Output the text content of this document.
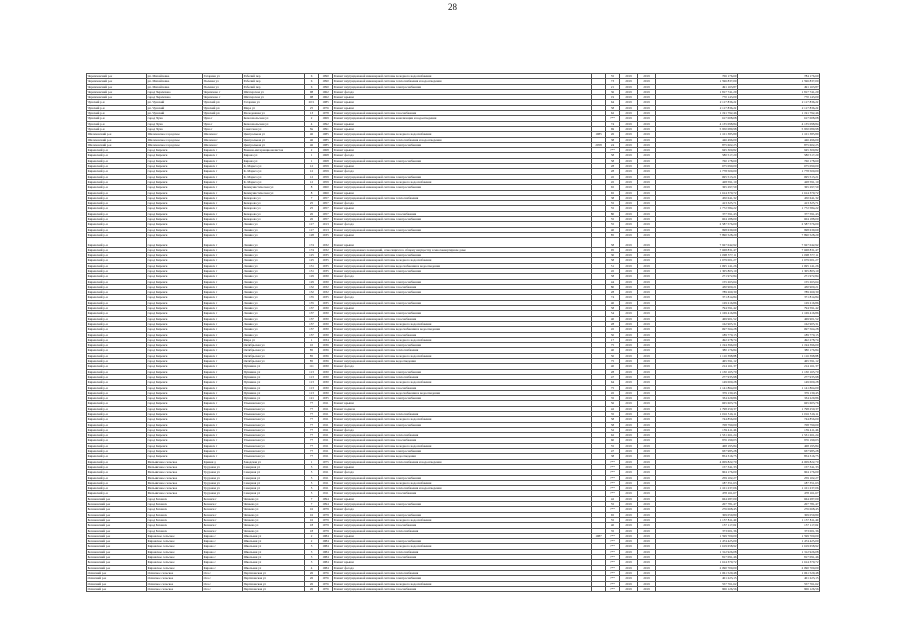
28
Черемховский р-н	рп. Михайловка	Гагарина ул	Рабочий пер	6	1990	Ремонт внутридомовой инженерной системы холодного водоснабжения		55	2019	2019	706 176,60	784 176,60
Черемховский р-н	рп. Михайловка	Полевая ул	Рабочий пер	6	1990	Ремонт внутридомовой инженерной системы теплоснабжения и водоотведения		73	2019	2019	1 596 837,00	1 596 837,00
Черемховский р-н	рп. Михайловка	Полевая ул	Рабочий пер	6	1990	Ремонт внутридомовой инженерной системы электроснабжения		21	2019	2019	491 163,87	491 163,87
Черемховский р-н	город Черемхово	Черемхово г	Шахтерская ул	98	1962	Ремонт фасада		36	2019	2019	1 817 741,29	1 817 741,29
Черемховский р-н	город Черемхово	Черемхово г	Шахтерская ул	98	1962	Ремонт крыши		19	2019	2019	770 143,00	770 143,00
Чунский р-н	рп. Чунский	Чунский рп	Гагарина ул	20/1	1985	Ремонт крыши		64	2019	2019	2 117 836,22	2 117 836,22
Чунский р-н	рп. Чунский	Чунский рп	Мира ул	25	1976	Ремонт крыши		58	2019	2019	2 117 836,22	2 117 836,22
Чунский р-н	рп. Чунский	Чунский рп	Молодежная ул	13	1978	Ремонт внутридомовой инженерной системы газоснабжения		62	2019	2019	1 191 792,46	1 191 792,46
Чунский р-н	город Чуна	Чуна г	Комсомольская ул	2	1969	Ремонт внутридомовой инженерной системы канализации и водоотведения		7**	2019	2019	617 008,08	617 008,08
Чунский р-н	город Чуна	Чуна г	Комсомольская ул	4	1992	Ремонт крыши		74	2019	2019	4 135 098,84	4 135 098,84
Чунский р-н	город Чуна	Чуна г	Советская ул	8а	1991	Ремонт крыши		69	2019	2019	5 950 089,98	5 950 089,98
Шелеховский р-н	Шелеховское городское	Шелехов г	Центральная ул	46	1985	Ремонт внутридомовой инженерной системы холодного водоснабжения	1985	26	2019	2019	1 101 385,89	1 101 385,89
Шелеховский р-н	Шелеховское городское	Шелехов г	Центральная ул	46	1985	Ремонт внутридомовой инженерной системы теплоснабжения и водоотведения		38	2019	2019	446 496,00	446 496,00
Шелеховский р-н	Шелеховское городское	Шелехов г	Центральная ул	46	1985	Ремонт внутридомовой инженерной системы электроснабжения	2058	24	2019	2019	875 602,25	875 602,25
Киренский р-н	город Киренск	Киренск г	Воинов-интернационалистов	2	1968	Ремонт крыши		7**	2019	2019	945 300,82	945 300,82
Киренский р-н	город Киренск	Киренск г	Кирова ул	1	1968	Ремонт фасада		58	2019	2019	580 517,20	580 517,20
Киренский р-н	город Киренск	Киренск г	Кирова ул	1	1968	Ремонт внутридомовой инженерной системы электроснабжения		58	2019	2019	760 178,60	760 178,60
Киренский р-н	город Киренск	Киренск г	К. Маркса ул	12	1959	Ремонт крыши		28	2019	2019	675 090,00	675 090,00
Киренский р-н	город Киренск	Киренск г	К. Маркса ул	12	1959	Ремонт фасада		28	2019	2019	1 778 500,00	1 778 500,00
Киренский р-н	город Киренск	Киренск г	К. Маркса ул	12	1959	Ремонт внутридомовой инженерной системы электроснабжения		45	2019	2019	695 513,21	695 513,21
Киренский р-н	город Киренск	Киренск г	К. Маркса ул	12	1959	Ремонт внутридомовой инженерной системы холодного водоснабжения		45	2019	2019	428 591,10	428 591,10
Киренский р-н	город Киренск	Киренск г	Коммунистическая ул	8	1960	Ремонт внутридомовой инженерной системы электроснабжения		65	2019	2019	365 297,59	365 297,59
Киренский р-н	город Киренск	Киренск г	Коммунистическая ул	8	1960	Ремонт крыши		65	2019	2019	1 614 370,72	1 614 370,72
Киренский р-н	город Киренск	Киренск г	Комарова ул	7	1957	Ремонт внутридомовой инженерной системы теплоснабжения		38	2019	2019	450 641,32	450 641,32
Киренский р-н	город Киренск	Киренск г	Комарова ул	25	1957	Ремонт фасада		55	2019	2019	413 325,71	413 325,71
Киренский р-н	город Киренск	Киренск г	Комарова ул	25	1957	Ремонт крыши		55	2019	2019	1 772 584,22	1 772 584,22
Киренский р-н	город Киренск	Киренск г	Комарова ул	26	1957	Ремонт внутридомовой инженерной системы газоснабжения		80	2019	2019	377 591,43	377 591,43
Киренский р-н	город Киренск	Киренск г	Комарова ул	26	1957	Ремонт внутридомовой инженерной системы электроснабжения		55	2019	2019	604 188,00	604 188,00
Киренский р-н	город Киренск	Киренск г	Ленина ул	117	1913	Ремонт фасада		55	2019	2019	2 587 576,00	2 587 576,00
Киренский р-н	город Киренск	Киренск г	Ленина ул	117	1913	Ремонт внутридомовой инженерной системы электроснабжения		40	2019	2019	998 639,69	998 639,69
Киренский р-н	город Киренск	Киренск г	Ленина ул	128	1935	Ремонт крыши		85	2019	2019	7 890 528,29	7 890 528,29
Киренский р-н	город Киренск	Киренск г	Ленина ул	174	1932	Ремонт крыши		58	2019	2019	7 927 042,92	7 927 042,92
Киренский р-н	город Киренск	Киренск г	Ленина ул	174	1932	Ремонт внутридомовых помещений, относящихся к общему имуществу в многоквартирном доме		95	2019	2019	7 668 831,47	7 668 831,47
Киренский р-н	город Киренск	Киренск г	Ленина ул	125	1935	Ремонт внутридомовой инженерной системы электроснабжения		30	2019	2019	1 098 377,11	1 098 377,11
Киренский р-н	город Киренск	Киренск г	Ленина ул	125	1935	Ремонт внутридомовой инженерной системы холодного водоснабжения		58	2019	2019	1 679 001,27	1 679 001,27
Киренский р-н	город Киренск	Киренск г	Ленина ул	131	1935	Ремонт внутридомовой инженерной системы водоснабжения и водоотведения		51	2019	2019	1 695 141,26	1 695 141,26
Киренский р-н	город Киренск	Киренск г	Ленина ул	131	1935	Ремонт внутридомовой инженерной системы электроснабжения		45	2019	2019	1 305 803,10	1 305 803,10
Киренский р-н	город Киренск	Киренск г	Ленина ул	129	1930	Ремонт фасада		58	2019	2019	271 972,84	271 972,84
Киренский р-н	город Киренск	Киренск г	Ленина ул	129	1930	Ремонт внутридомовой инженерной системы электроснабжения		44	2019	2019	155 263,64	155 263,64
Киренский р-н	город Киренск	Киренск г	Ленина ул	132	1932	Ремонт внутридомовой инженерной системы газоснабжения		80	2019	2019	430 900,21	430 900,21
Киренский р-н	город Киренск	Киренск г	Ленина ул	132	1932	Ремонт внутридомовой инженерной системы электроснабжения		28	2019	2019	789 260,30	789 260,30
Киренский р-н	город Киренск	Киренск г	Ленина ул	135	1935	Ремонт фасада		74	2019	2019	371 814,84	371 814,84
Киренский р-н	город Киренск	Киренск г	Ленина ул	135	1935	Ремонт внутридомовой инженерной системы электроснабжения		40	2019	2019	129 216,86	129 216,86
Киренский р-н	город Киренск	Киренск г	Ленина ул	137	1930	Ремонт крыши		58	2019	2019	794 591,42	794 591,42
Киренский р-н	город Киренск	Киренск г	Ленина ул	137	1930	Ремонт внутридомовой инженерной системы электроснабжения		54	2019	2019	1 169 416,86	1 169 416,86
Киренский р-н	город Киренск	Киренск г	Ленина ул	137	1930	Ремонт внутридомовой инженерной системы газоснабжения		40	2019	2019	469 901,52	469 901,52
Киренский р-н	город Киренск	Киренск г	Ленина ул	157	1930	Ремонт внутридомовой инженерной системы холодного водоснабжения		28	2019	2019	162 905,31	162 905,31
Киренский р-н	город Киренск	Киренск г	Ленина ул	157	1930	Ремонт внутридомовой инженерной системы водоснабжения и водоотведения		45	2019	2019	697 564,28	697 564,28
Киренский р-н	город Киренск	Киренск г	Ленина ул	157	1930	Ремонт внутридомовой инженерной системы газоснабжения		50	2019	2019	189 770,15	189 770,15
Киренский р-н	город Киренск	Киренск г	Мира ул	1	1934	Ремонт внутридомовой инженерной системы холодного водоснабжения		17	2019	2019	492 278,74	492 278,74
Киренский р-н	город Киренск	Киренск г	Октябрьская ул	10	1936	Ремонт внутридомовой инженерной системы электроснабжения		75	2019	2019	1 194 396,00	1 194 396,00
Киренский р-н	город Киренск	Киренск г	Октябрьская ул	85	1936	Ремонт внутридомовой инженерной системы теплоснабжения		40	2019	2019	380 176,84	380 176,84
Киренский р-н	город Киренск	Киренск г	Октябрьская ул	85	1936	Ремонт внутридомовой инженерной системы холодного водоснабжения		50	2019	2019	1 116 398,88	1 116 398,88
Киренский р-н	город Киренск	Киренск г	Октябрьская ул	85	1936	Ремонт внутридомовой инженерной системы водоотведения		75	2019	2019	465 591,12	465 591,12
Киренский р-н	город Киренск	Киренск г	Пушкина ул	111	1930	Ремонт фасада		40	2019	2019	214 161,37	214 161,37
Киренский р-н	город Киренск	Киренск г	Пушкина ул	113	1930	Ремонт внутридомовой инженерной системы электроснабжения		28	2019	2019	1 130 165,70	1 130 165,70
Киренский р-н	город Киренск	Киренск г	Пушкина ул	113	1930	Ремонт внутридомовой инженерной системы теплоснабжения		47	2019	2019	277 935,98	277 935,98
Киренский р-н	город Киренск	Киренск г	Пушкина ул	113	1930	Ремонт внутридомовой инженерной системы холодного водоснабжения		64	2019	2019	149 000,28	149 000,28
Киренский р-н	город Киренск	Киренск г	Пушкина ул	113	1930	Ремонт внутридомовой инженерной системы газоснабжения		75	2019	2019	1 141 864,00	1 141 864,00
Киренский р-н	город Киренск	Киренск г	Пушкина ул	113	1930	Ремонт внутридомовой инженерной системы водоснабжения и водоотведения		45	2019	2019	379 130,45	379 130,45
Киренский р-н	город Киренск	Киренск г	Пушкина ул	121	1935	Ремонт внутридомовой инженерной системы электроснабжения		35	2019	2019	334 229,86	334 229,86
Киренский р-н	город Киренск	Киренск г	Ульяновская ул	77	1911	Ремонт крыши		56	2019	2019	665 603,76	665 603,76
Киренский р-н	город Киренск	Киренск г	Ульяновская ул	77	1911	Ремонт подвала		42	2019	2019	1 798 250,37	1 798 250,37
Киренский р-н	город Киренск	Киренск г	Ульяновская ул	77	1911	Ремонт внутридомовой инженерной системы теплоснабжения		35	2019	2019	1 016 516,11	1 016 516,11
Киренский р-н	город Киренск	Киренск г	Ульяновская ул	77	1911	Ремонт внутридомовой инженерной системы холодного водоснабжения		58	2019	2019	744 856,00	744 856,00
Киренский р-н	город Киренск	Киренск г	Ульяновская ул	77	1911	Ремонт внутридомовой инженерной системы электроснабжения		58	2019	2019	708 790,00	708 790,00
Киренский р-н	город Киренск	Киренск г	Ульяновская ул	77	1911	Ремонт фасада		52	2019	2019	159 411,46	159 411,46
Киренский р-н	город Киренск	Киренск г	Ульяновская ул	77	1911	Ремонт внутридомовой инженерной системы теплоснабжения		62	2019	2019	1 531 261,24	1 531 261,24
Киренский р-н	город Киренск	Киренск г	Ульяновская ул	77	1911	Ремонт внутридомовой инженерной системы газоснабжения		60	2019	2019	976 199,03	976 199,03
Киренский р-н	город Киренск	Киренск г	Ульяновская ул	77	1911	Ремонт внутридомовой инженерной системы холодного водоснабжения		55	2019	2019	468 195,84	468 195,84
Киренский р-н	город Киренск	Киренск г	Ульяновская ул	77	1911	Ремонт внутридомовой инженерной системы электроснабжения		47	2019	2019	937 985,28	937 985,28
Киренский р-н	город Киренск	Киренск г	Ульяновская ул	77	1911	Ремонт внутридомовой инженерной системы водоотведения		38	2019	2019	854 316,75	854 316,75
Киренский р-н	Мельничное сельское	Кривая д	Заводская ул	1	1975	Ремонт внутридомовой инженерной системы теплоснабжения и водоотведения		7**	2019	2019	4 009 822,70	4 009 822,70
Киренский р-н	Мельничное сельское	Трудовая ул	Северная ул	5	1911	Ремонт крыши		7**	2019	2019	157 341,33	157 341,33
Киренский р-н	Мельничное сельское	Трудовая ул	Северная ул	5	1911	Ремонт фасада		7**	2019	2019	904 176,00	904 176,00
Киренский р-н	Мельничное сельское	Трудовая ул	Северная ул	5	1911	Ремонт внутридомовой инженерной системы электроснабжения		7**	2019	2019	259 102,27	259 102,27
Киренский р-н	Мельничное сельское	Трудовая ул	Северная ул	5	1911	Ремонт внутридомовой инженерной системы холодного водоснабжения		7**	2019	2019	187 351,63	187 351,63
Киренский р-н	Мельничное сельское	Трудовая ул	Северная ул	5	1911	Ремонт внутридомовой инженерной системы теплоснабжения и водоотведения		7**	2019	2019	1 101 237,06	1 101 237,06
Киренский р-н	Мельничное сельское	Трудовая ул	Северная ул	5	1911	Ремонт внутридомовой инженерной системы газоснабжения		7**	2019	2019	478 161,67	478 161,67
Бохановский р-н	город Боханск	Боханск г	Чапаева ул	7	1994	Ремонт крыши		42	2019	2019	664 287,00	664 287,00
Бохановский р-н	город Боханск	Боханск г	Чапаева ул	7	1994	Ремонт внутридомовой инженерной системы электроснабжения		55	2019	2019	207 781,47	207 781,47
Бохановский р-н	город Боханск	Боханск г	Чапаева ул	16	1979	Ремонт фасада		7**	2019	2019	276 068,45	276 068,45
Бохановский р-н	город Боханск	Боханск г	Чапаева ул	16	1979	Ремонт внутридомовой инженерной системы электроснабжения		65	2019	2019	309 059,80	309 059,80
Бохановский р-н	город Боханск	Боханск г	Чапаева ул	16	1979	Ремонт внутридомовой инженерной системы холодного водоснабжения		55	2019	2019	1 157 811,40	1 157 811,40
Бохановский р-н	город Боханск	Боханск г	Чапаева ул	18	1979	Ремонт внутридомовой инженерной системы газоснабжения		40	2019	2019	157 117,02	157 117,02
Бохановский р-н	город Боханск	Боханск г	Чапаева ул	18	1979	Ремонт внутридомовой инженерной системы теплоснабжения		35	2019	2019	373 001,36	373 001,36
Бохановский р-н	Кировское сельское	Кирово с	Школьная ул	2	1984	Ремонт крыши	1987	7**	2019	2019	1 599 700,00	1 599 700,00
Бохановский р-н	Кировское сельское	Кирово с	Школьная ул	2	1984	Ремонт внутридомовой инженерной системы электроснабжения		7**	2019	2019	1 474 425,00	1 474 425,00
Бохановский р-н	Кировское сельское	Кирово с	Школьная ул	3	1984	Ремонт внутридомовой инженерной системы холодного водоснабжения		7**	2019	2019	1 619 658,92	1 619 658,92
Бохановский р-н	Кировское сельское	Кирово с	Школьная ул	3	1984	Ремонт внутридомовой инженерной системы теплоснабжения		7**	2019	2019	1 312 926,08	1 312 926,08
Бохановский р-н	Кировское сельское	Кирово с	Школьная ул	3	1984	Ремонт внутридомовой инженерной системы газоснабжения		7**	2019	2019	817 091,46	817 091,46
Бохановский р-н	Кировское сельское	Кирово с	Школьная ул	3	1984	Ремонт крыши		7**	2019	2019	1 614 370,72	1 614 370,72
Бохановский р-н	Кировское сельское	Кирово с	Школьная ул	4	1984	Ремонт фасада		7**	2019	2019	2 090 700,00	2 090 700,00
Осинский р-н	Осинское сельское	Оса с	Партизанская ул	26	1976	Ремонт внутридомовой инженерной системы теплоснабжения		7**	2019	2019	1 061 529,48	1 061 529,48
Осинский р-н	Осинское сельское	Оса с	Партизанская ул	26	1976	Ремонт внутридомовой инженерной системы электроснабжения		7**	2019	2019	401 223,15	401 223,15
Осинский р-н	Осинское сельское	Оса с	Партизанская ул	26	1976	Ремонт внутридомовой инженерной системы холодного водоснабжения		7**	2019	2019	557 761,62	557 761,62
Осинский р-н	Осинское сельское	Оса с	Партизанская ул	26	1976	Ремонт внутридомовой инженерной системы газоснабжения		7**	2019	2019	906 126,56	906 126,56
